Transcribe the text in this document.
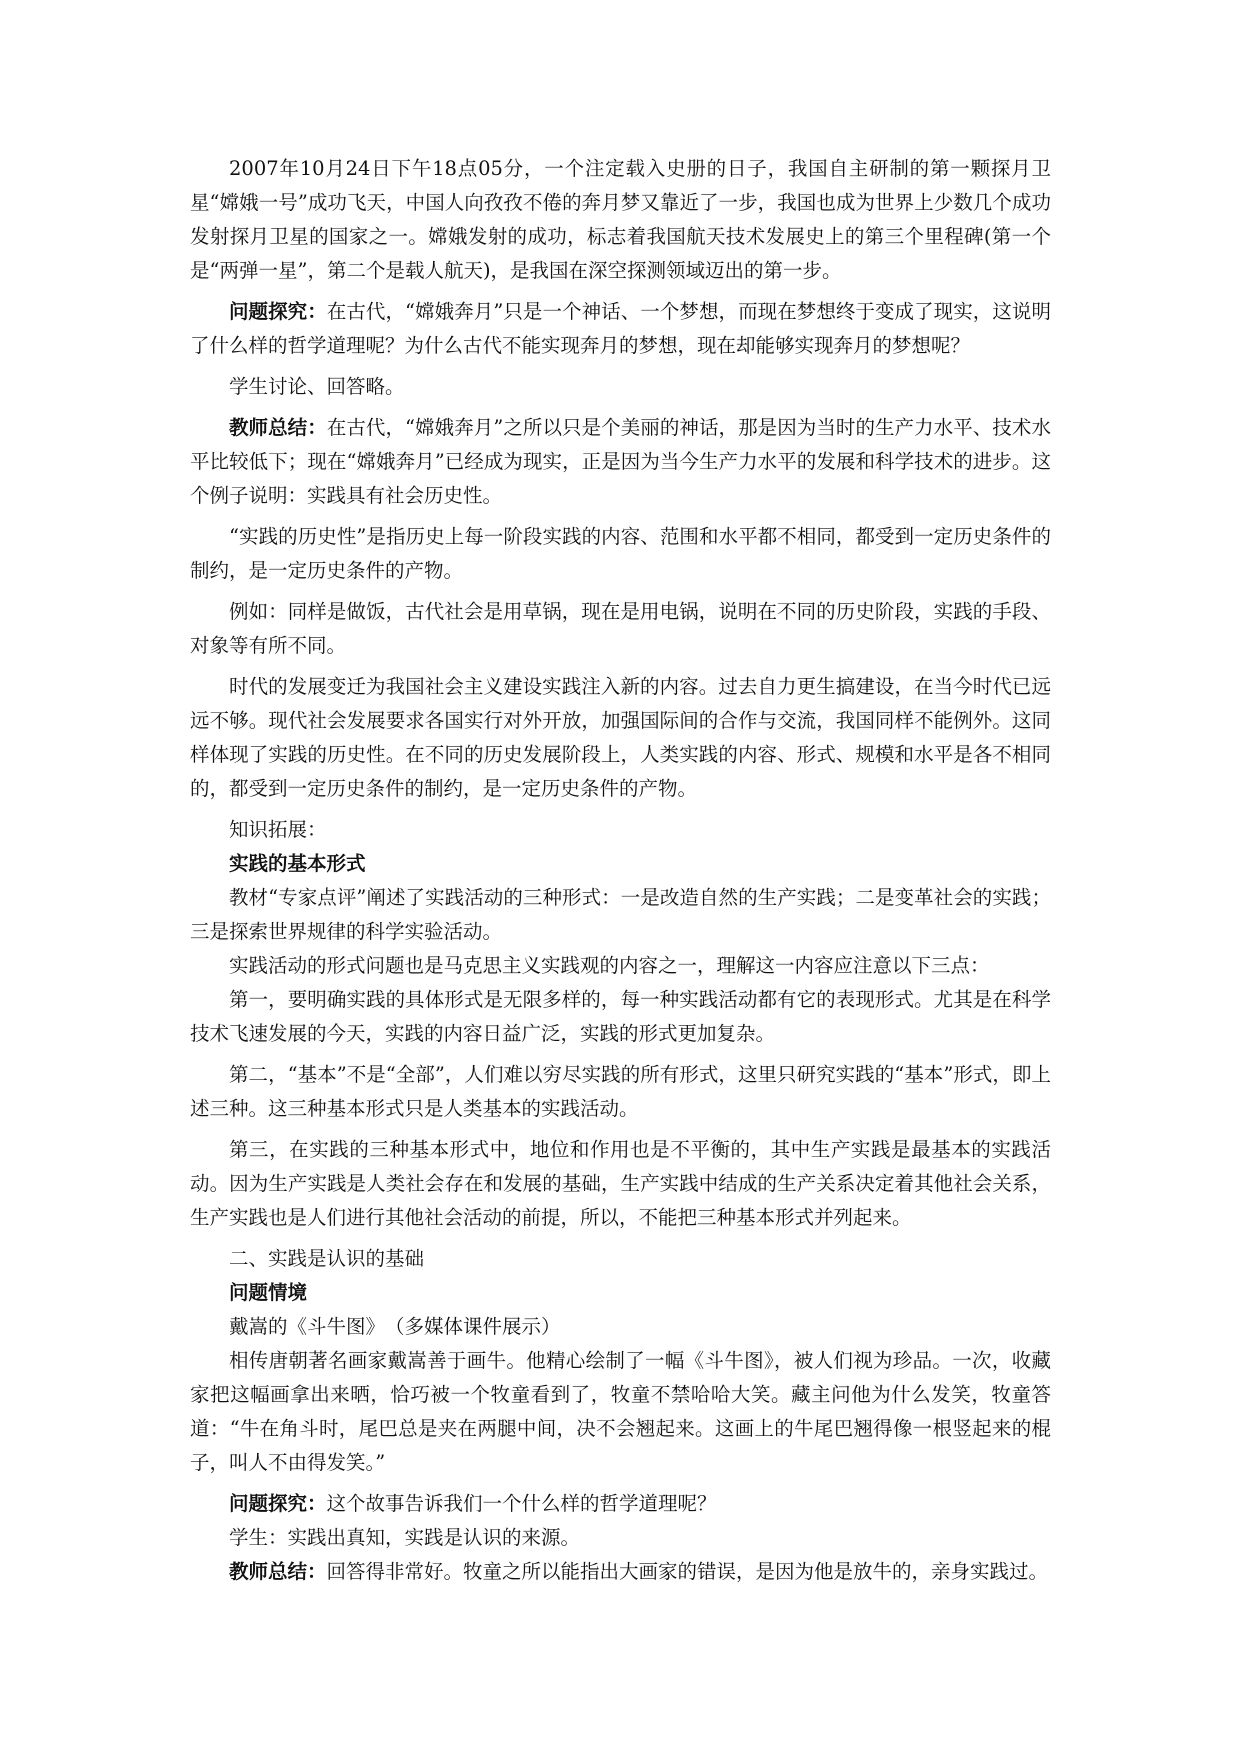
2007年10月24日下午18点05分，一个注定载入史册的日子，我国自主研制的第一颗探月卫星“嫦娥一号”成功飞天，中国人向孜孜不倦的奔月梦又靠近了一步，我国也成为世界上少数几个成功发射探月卫星的国家之一。嫦娥发射的成功，标志着我国航天技术发展史上的第三个里程碑(第一个是“两弹一星”，第二个是载人航天)，是我国在深空探测领域迈出的第一步。

问题探究：在古代，“嫦娥奔月”只是一个神话、一个梦想，而现在梦想终于变成了现实，这说明了什么样的哲学道理呢？为什么古代不能实现奔月的梦想，现在却能够实现奔月的梦想呢？

学生讨论、回答略。

教师总结：在古代，“嫦娥奔月”之所以只是个美丽的神话，那是因为当时的生产力水平、技术水平比较低下；现在“嫦娥奔月”已经成为现实，正是因为当今生产力水平的发展和科学技术的进步。这个例子说明：实践具有社会历史性。

“实践的历史性”是指历史上每一阶段实践的内容、范围和水平都不相同，都受到一定历史条件的制约，是一定历史条件的产物。

例如：同样是做饭，古代社会是用草锅，现在是用电锅，说明在不同的历史阶段，实践的手段、对象等有所不同。

时代的发展变迁为我国社会主义建设实践注入新的内容。过去自力更生搞建设，在当今时代已远远不够。现代社会发展要求各国实行对外开放，加强国际间的合作与交流，我国同样不能例外。这同样体现了实践的历史性。在不同的历史发展阶段上，人类实践的内容、形式、规模和水平是各不相同的，都受到一定历史条件的制约，是一定历史条件的产物。

知识拓展：

实践的基本形式

教材“专家点评”阐述了实践活动的三种形式：一是改造自然的生产实践；二是变革社会的实践；三是探索世界规律的科学实验活动。

实践活动的形式问题也是马克思主义实践观的内容之一，理解这一内容应注意以下三点：

第一，要明确实践的具体形式是无限多样的，每一种实践活动都有它的表现形式。尤其是在科学技术飞速发展的今天，实践的内容日益广泛，实践的形式更加复杂。

第二，“基本”不是“全部”，人们难以穷尽实践的所有形式，这里只研究实践的“基本”形式，即上述三种。这三种基本形式只是人类基本的实践活动。

第三，在实践的三种基本形式中，地位和作用也是不平衡的，其中生产实践是最基本的实践活动。因为生产实践是人类社会存在和发展的基础，生产实践中结成的生产关系决定着其他社会关系，生产实践也是人们进行其他社会活动的前提，所以，不能把三种基本形式并列起来。

二、实践是认识的基础

问题情境

戴嵩的《斗牛图》　（多媒体课件展示）

相传唐朝著名画家戴嵩善于画牛。他精心绘制了一幅《斗牛图》，被人们视为珍品。一次，收藏家把这幅画拿出来晒，恰巧被一个牧童看到了，牧童不禁哈哈大笑。藏主问他为什么发笑，牧童答道：“牛在角斗时，尾巴总是夹在两腿中间，决不会翘起来。这画上的牛尾巴翘得像一根竖起来的棍子，叫人不由得发笑。”

问题探究：这个故事告诉我们一个什么样的哲学道理呢？

学生：实践出真知，实践是认识的来源。

教师总结：回答得非常好。牧童之所以能指出大画家的错误，是因为他是放牛的，亲身实践过。
